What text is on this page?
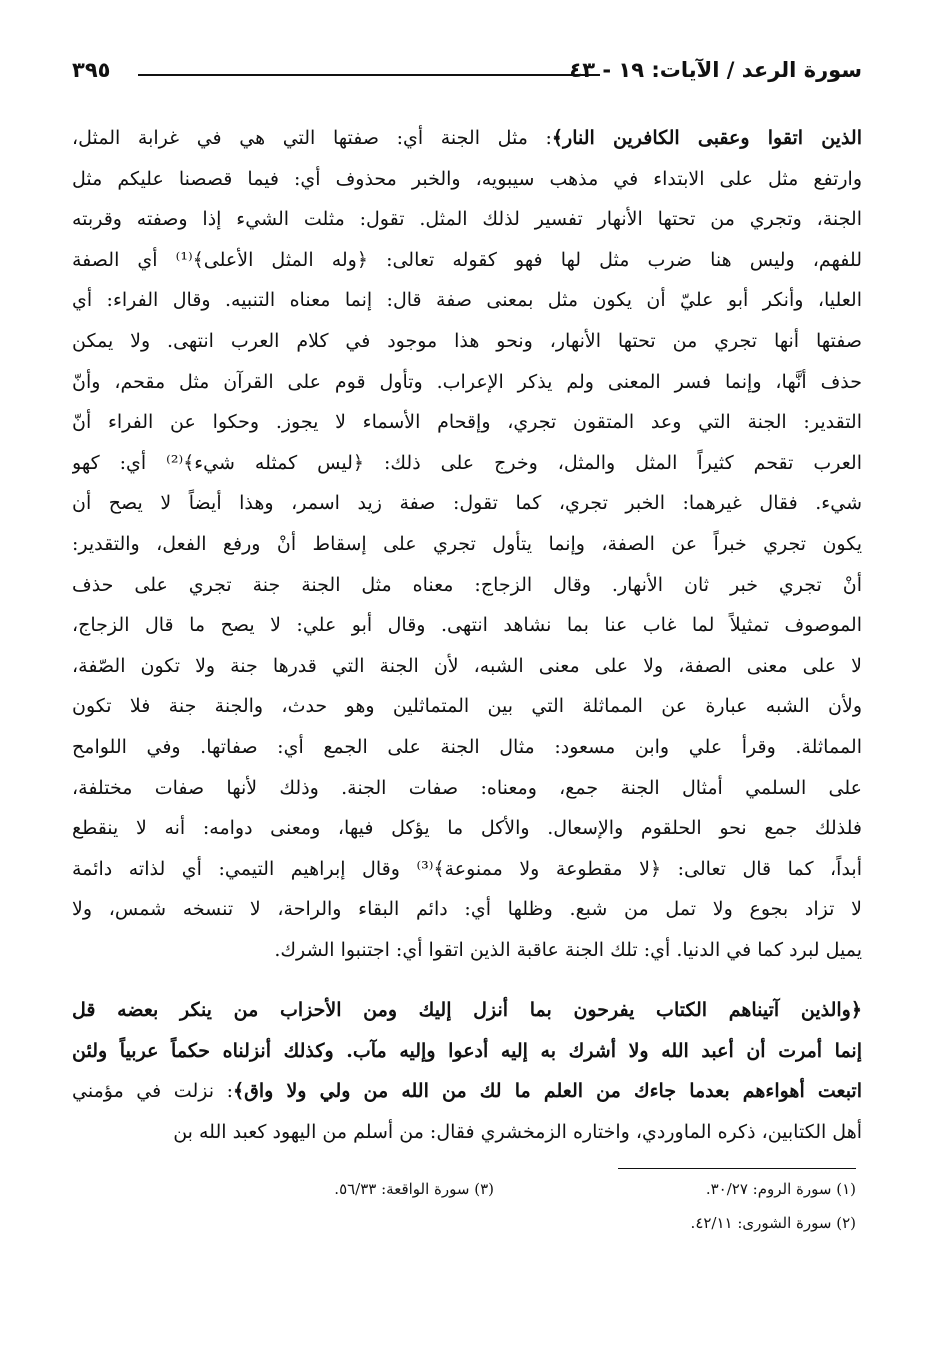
سورة الرعد / الآيات: ١٩ - ٤٣
٣٩٥
الذين اتقوا وعقبى الكافرين النار﴾: مثل الجنة أي: صفتها التي هي في غرابة المثل،
وارتفع مثل على الابتداء في مذهب سيبويه، والخبر محذوف أي: فيما قصصنا عليكم مثل
الجنة، وتجري من تحتها الأنهار تفسير لذلك المثل. تقول: مثلت الشيء إذا وصفته وقربته
للفهم، وليس هنا ضرب مثل لها فهو كقوله تعالى: ﴿وله المثل الأعلى﴾⁽¹⁾ أي الصفة
العليا، وأنكر أبو عليّ أن يكون مثل بمعنى صفة قال: إنما معناه التنبيه. وقال الفراء: أي
صفتها أنها تجري من تحتها الأنهار، ونحو هذا موجود في كلام العرب انتهى. ولا يمكن
حذف أنَّها، وإنما فسر المعنى ولم يذكر الإعراب. وتأول قوم على القرآن مثل مقحم، وأنّ
التقدير: الجنة التي وعد المتقون تجري، وإقحام الأسماء لا يجوز. وحكوا عن الفراء أنّ
العرب تقحم كثيراً المثل والمثل، وخرج على ذلك: ﴿ليس كمثله شيء﴾⁽²⁾ أي: كهو
شيء. فقال غيرهما: الخبر تجري، كما تقول: صفة زيد اسمر، وهذا أيضاً لا يصح أن
يكون تجري خبراً عن الصفة، وإنما يتأول تجري على إسقاط أنْ ورفع الفعل، والتقدير:
أنْ تجري خبر ثان الأنهار. وقال الزجاج: معناه مثل الجنة جنة تجري على حذف
الموصوف تمثيلاً لما غاب عنا بما نشاهد انتهى. وقال أبو علي: لا يصح ما قال الزجاج،
لا على معنى الصفة، ولا على معنى الشبه، لأن الجنة التي قدرها جنة ولا تكون الصّفة،
ولأن الشبه عبارة عن المماثلة التي بين المتماثلين وهو حدث، والجنة جنة فلا تكون
المماثلة. وقرأ علي وابن مسعود: مثال الجنة على الجمع أي: صفاتها. وفي اللوامح
على السلمي أمثال الجنة جمع، ومعناه: صفات الجنة. وذلك لأنها صفات مختلفة،
فلذلك جمع نحو الحلقوم والإسعال. والأكل ما يؤكل فيها، ومعنى دوامه: أنه لا ينقطع
أبداً، كما قال تعالى: ﴿لا مقطوعة ولا ممنوعة﴾⁽³⁾ وقال إبراهيم التيمي: أي لذاته دائمة
لا تزاد بجوع ولا تمل من شبع. وظلها أي: دائم البقاء والراحة، لا تنسخه شمس، ولا
يميل لبرد كما في الدنيا. أي: تلك الجنة عاقبة الذين اتقوا أي: اجتنبوا الشرك.
﴿والذين آتيناهم الكتاب يفرحون بما أنزل إليك ومن الأحزاب من ينكر بعضه قل
إنما أمرت أن أعبد الله ولا أشرك به إليه أدعوا وإليه مآب. وكذلك أنزلناه حكماً عربياً ولئن
اتبعت أهواءهم بعدما جاءك من العلم ما لك من الله من ولي ولا واق﴾: نزلت في مؤمني
أهل الكتابين، ذكره الماوردي، واختاره الزمخشري فقال: من أسلم من اليهود كعبد الله بن
(١) سورة الروم: ٣٠/٢٧.
(٢) سورة الشورى: ٤٢/١١.
(٣) سورة الواقعة: ٥٦/٣٣.
